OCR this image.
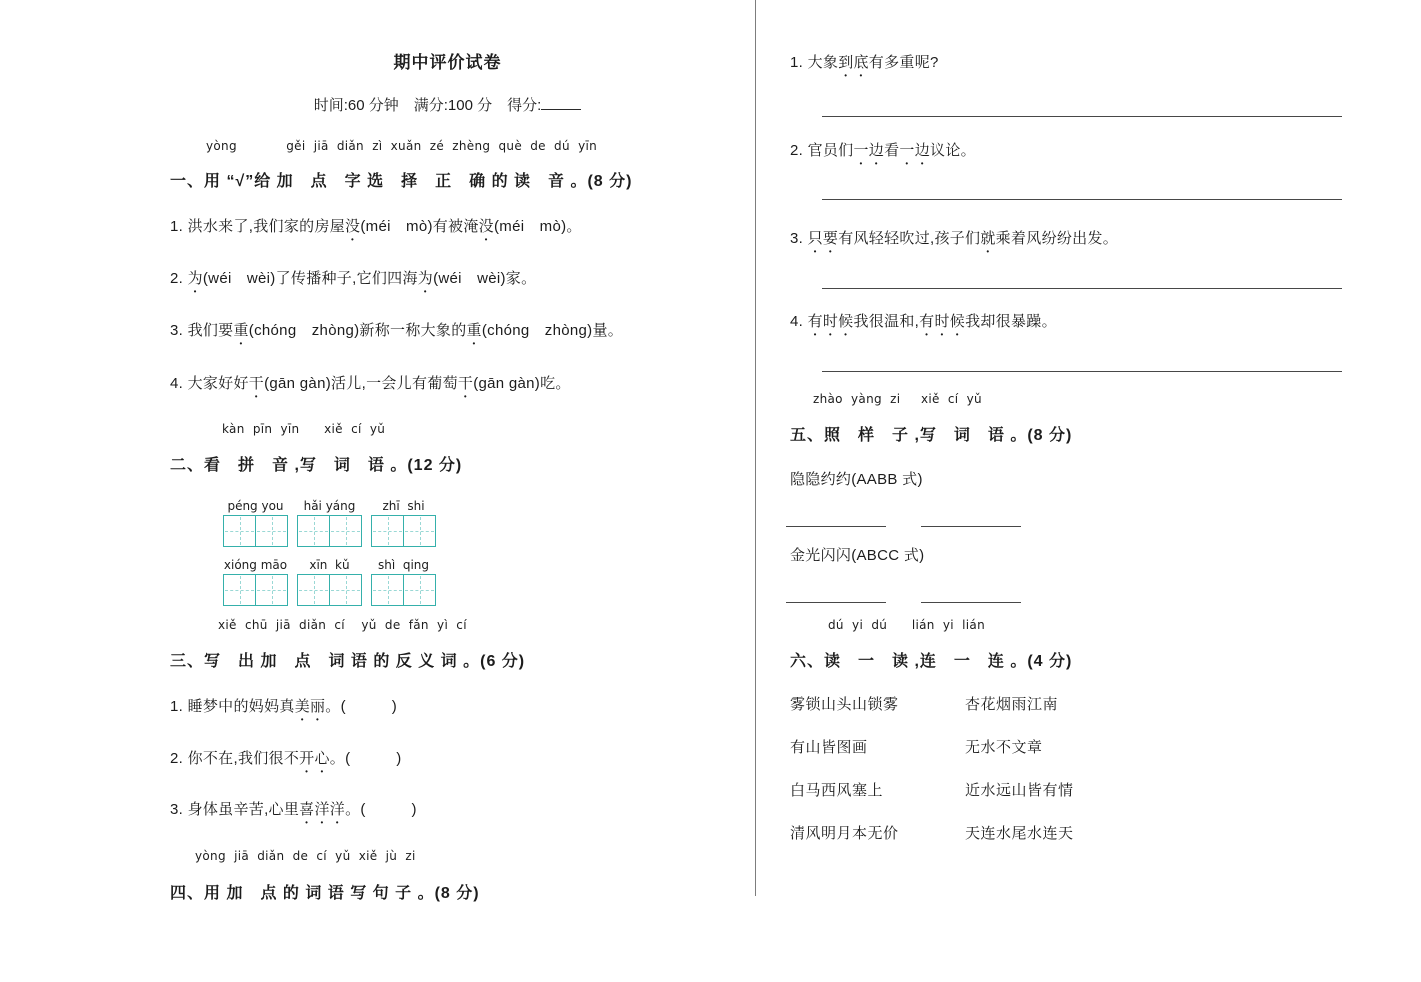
期中评价试卷
时间:60 分钟　满分:100 分　得分:
yòng            gěi  jiā  diǎn  zì  xuǎn  zé  zhèng  què  de  dú  yīn
一、用 “√”给 加　点　字 选　择　正　确 的 读　音 。(8 分)
1. 洪水来了,我们家的房屋没(méi　mò)有被淹没(méi　mò)。
2. 为(wéi　wèi)了传播种子,它们四海为(wéi　wèi)家。
3. 我们要重(chóng　zhòng)新称一称大象的重(chóng　zhòng)量。
4. 大家好好干(gān gàn)活儿,一会儿有葡萄干(gān gàn)吃。
kàn  pīn  yīn      xiě  cí  yǔ
二、看　拼　音 ,写　词　语 。(12 分)
péng you	hǎi yáng	zhī  shi
xióng māo	xīn  kǔ	shì  qing
xiě  chū  jiā  diǎn  cí    yǔ  de  fǎn  yì  cí
三、写　出 加　点　词 语 的 反 义 词 。(6 分)
1. 睡梦中的妈妈真美丽。(　　　)
2. 你不在,我们很不开心。(　　　)
3. 身体虽辛苦,心里喜洋洋。(　　　)
yòng  jiā  diǎn  de  cí  yǔ  xiě  jù  zi
四、用 加　点 的 词 语 写 句 子 。(8 分)
1. 大象到底有多重呢?
2. 官员们一边看一边议论。
3. 只要有风轻轻吹过,孩子们就乘着风纷纷出发。
4. 有时候我很温和,有时候我却很暴躁。
zhào  yàng  zi     xiě  cí  yǔ
五、照　样　子 ,写　词　语 。(8 分)
隐隐约约(AABB 式)
金光闪闪(ABCC 式)
dú  yi  dú      lián  yi  lián
六、读　一　读 ,连　一　连 。(4 分)
雾锁山头山锁雾	杏花烟雨江南
有山皆图画	无水不文章
白马西风塞上	近水远山皆有情
清风明月本无价	天连水尾水连天
